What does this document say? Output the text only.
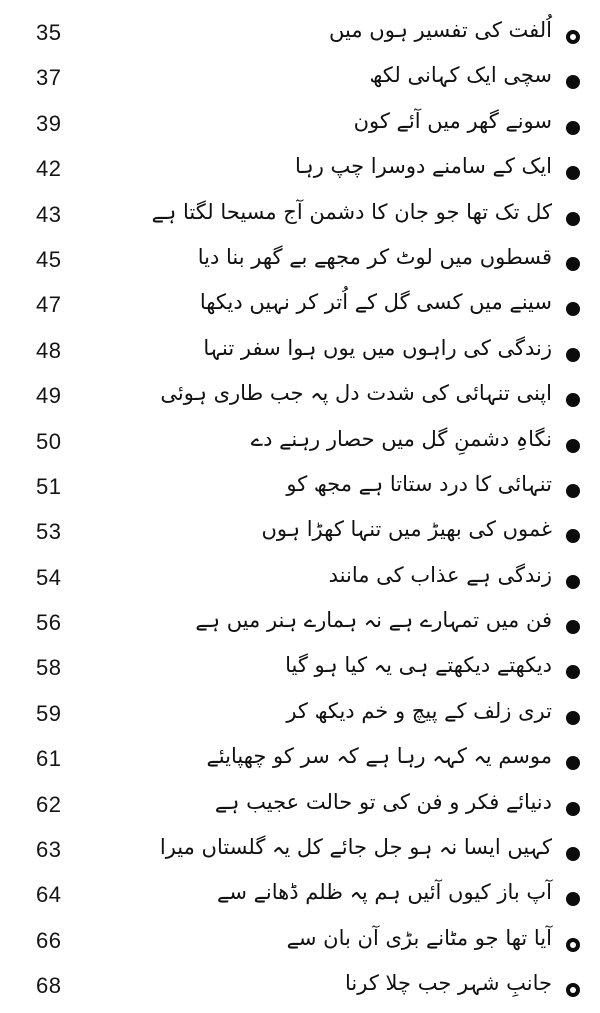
35	اُلفت کی تفسیر ہوں میں
37	سچی ایک کہانی لکھ
39	سونے گھر میں آئے کون
42	ایک کے سامنے دوسرا چپ رہا
43	کل تک تھا جو جان کا دشمن آج مسیحا لگتا ہے
45	قسطوں میں لوٹ کر مجھے بے گھر بنا دیا
47	سینے میں کسی گل کے اُتر کر نہیں دیکھا
48	زندگی کی راہوں میں یوں ہوا سفر تنہا
49	اپنی تنہائی کی شدت دل پہ جب طاری ہوئی
50	نگاہِ دشمنِ گل میں حصار رہنے دے
51	تنہائی کا درد ستاتا ہے مجھ کو
53	غموں کی بھیڑ میں تنہا کھڑا ہوں
54	زندگی ہے عذاب کی مانند
56	فن میں تمہارے ہے نہ ہمارے ہنر میں ہے
58	دیکھتے دیکھتے ہی یہ کیا ہو گیا
59	تری زلف کے پیچ و خم دیکھ کر
61	موسم یہ کہہ رہا ہے کہ سر کو چھپایئے
62	دنیائے فکر و فن کی تو حالت عجیب ہے
63	کہیں ایسا نہ ہو جل جائے کل یہ گلستاں میرا
64	آپ باز کیوں آئیں ہم پہ ظلم ڈھانے سے
66	آیا تھا جو مٹانے بڑی آن بان سے
68	جانبِ شہر جب چلا کرنا
